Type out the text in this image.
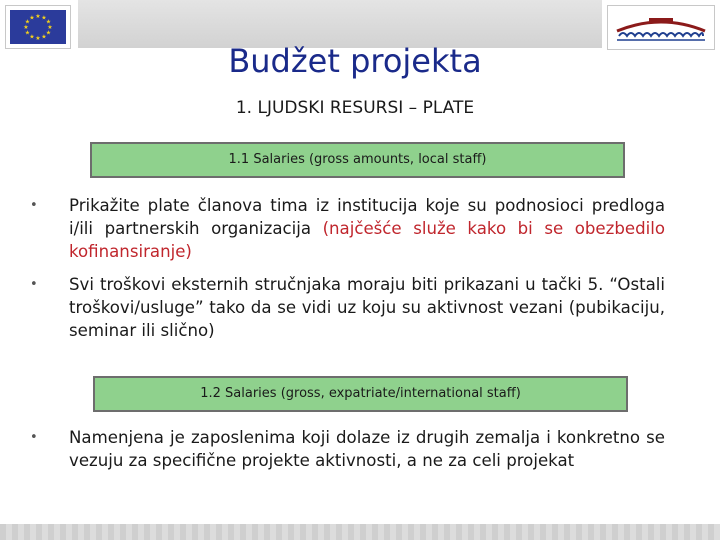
★ ★
★
★
★
★
★
★
★
★
★
★
Budžet projekta

1. LJUDSKI RESURSI – PLATE

1.1 Salaries (gross amounts, local staff)
• Prikažite plate članova tima iz institucija koje su podnosioci predloga i/ili partnerskih organizacija (najčešće služe kako bi se obezbedilo kofinansiranje)
• Svi troškovi eksternih stručnjaka moraju biti prikazani u tački 5. “Ostali troškovi/usluge” tako da se vidi uz koju su aktivnost vezani (pubikaciju, seminar ili slično)
1.2 Salaries (gross, expatriate/international staff)
• Namenjena je zaposlenima koji dolaze iz drugih zemalja i konkretno se vezuju za specifične projekte aktivnosti, a ne za celi projekat
